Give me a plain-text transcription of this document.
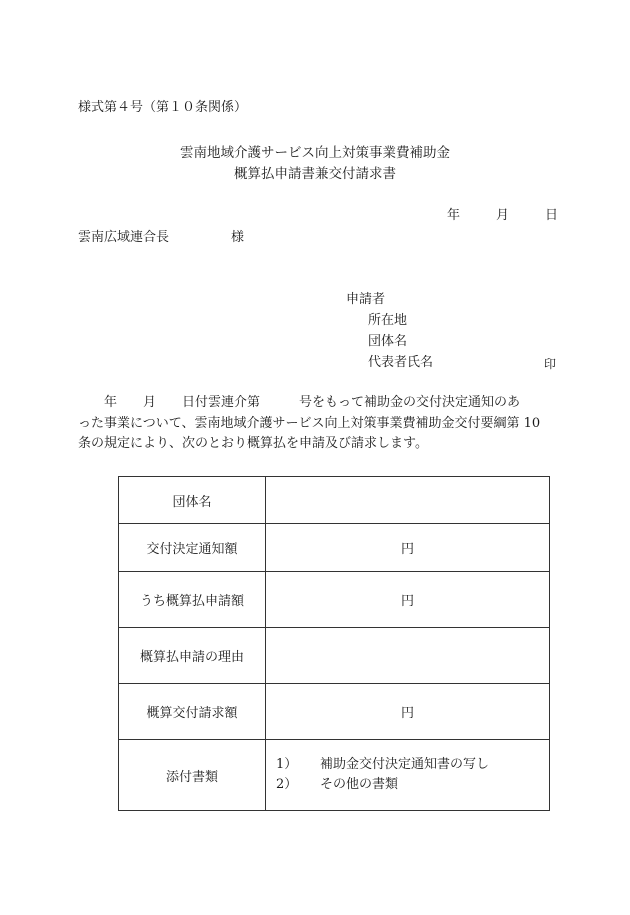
様式第４号（第１０条関係）
雲南地域介護サービス向上対策事業費補助金
概算払申請書兼交付請求書
年	月	日
雲南広域連合長	様
申請者
所在地
団体名
代表者氏名	印
　　年　　月　　日付雲連介第　　　号をもって補助金の交付決定通知のあ
った事業について、雲南地域介護サービス向上対策事業費補助金交付要綱第 10
条の規定により、次のとおり概算払を申請及び請求します。
団体名	
交付決定通知額	円
うち概算払申請額	円
概算払申請の理由	
概算交付請求額	円
添付書類	1） 補助金交付決定通知書の写し
2） その他の書類
